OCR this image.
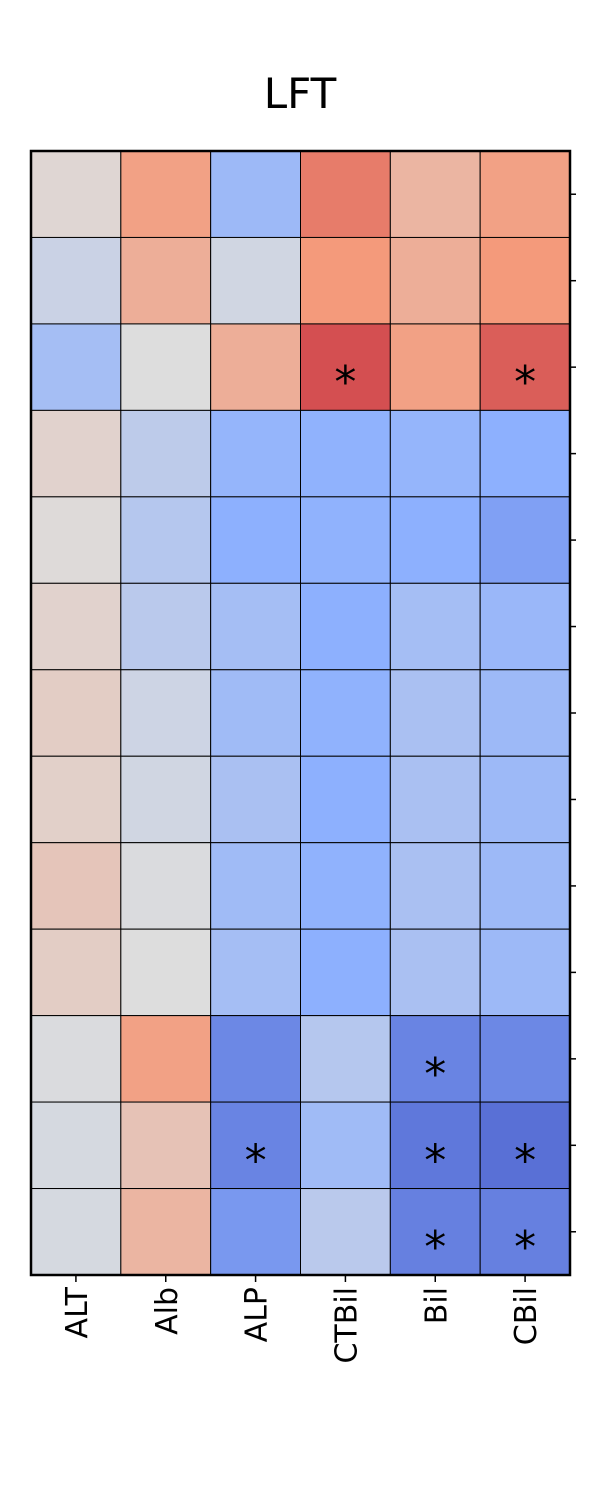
LFT
*	*
*
*	* *
* *
ALT Alb ALP CTBil Bil CBil
